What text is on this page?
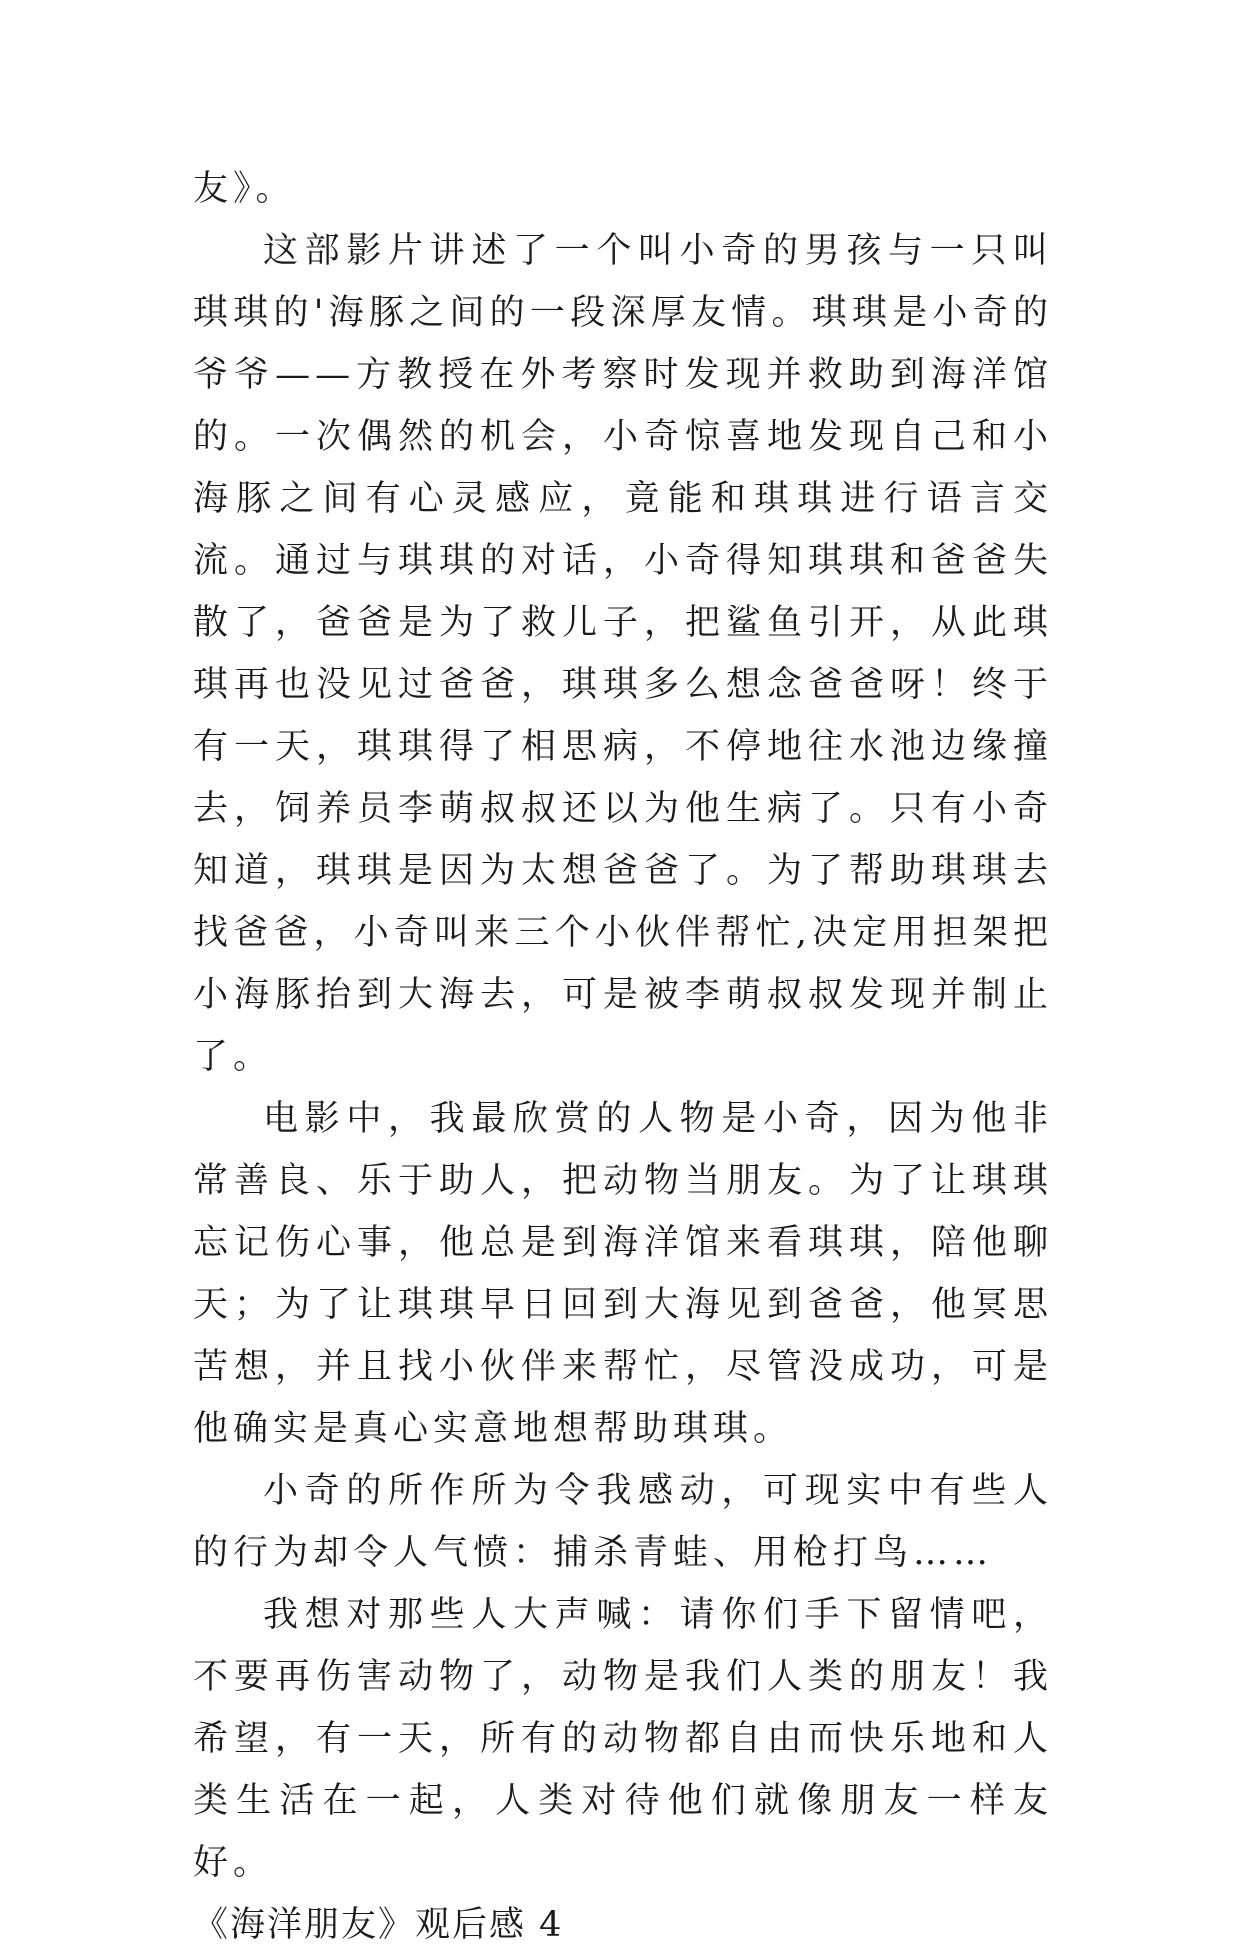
友》。

这部影片讲述了一个叫小奇的男孩与一只叫琪琪的'海豚之间的一段深厚友情。琪琪是小奇的爷爷——方教授在外考察时发现并救助到海洋馆的。一次偶然的机会，小奇惊喜地发现自己和小海豚之间有心灵感应，竟能和琪琪进行语言交流。通过与琪琪的对话，小奇得知琪琪和爸爸失散了，爸爸是为了救儿子，把鲨鱼引开，从此琪琪再也没见过爸爸，琪琪多么想念爸爸呀！终于有一天，琪琪得了相思病，不停地往水池边缘撞去，饲养员李萌叔叔还以为他生病了。只有小奇知道，琪琪是因为太想爸爸了。为了帮助琪琪去找爸爸，小奇叫来三个小伙伴帮忙,决定用担架把小海豚抬到大海去，可是被李萌叔叔发现并制止了。

电影中，我最欣赏的人物是小奇，因为他非常善良、乐于助人，把动物当朋友。为了让琪琪忘记伤心事，他总是到海洋馆来看琪琪，陪他聊天；为了让琪琪早日回到大海见到爸爸，他冥思苦想，并且找小伙伴来帮忙，尽管没成功，可是他确实是真心实意地想帮助琪琪。

小奇的所作所为令我感动，可现实中有些人的行为却令人气愤：捕杀青蛙、用枪打鸟……

我想对那些人大声喊：请你们手下留情吧，不要再伤害动物了，动物是我们人类的朋友！我希望，有一天，所有的动物都自由而快乐地和人类生活在一起，人类对待他们就像朋友一样友好。

《海洋朋友》观后感 4
